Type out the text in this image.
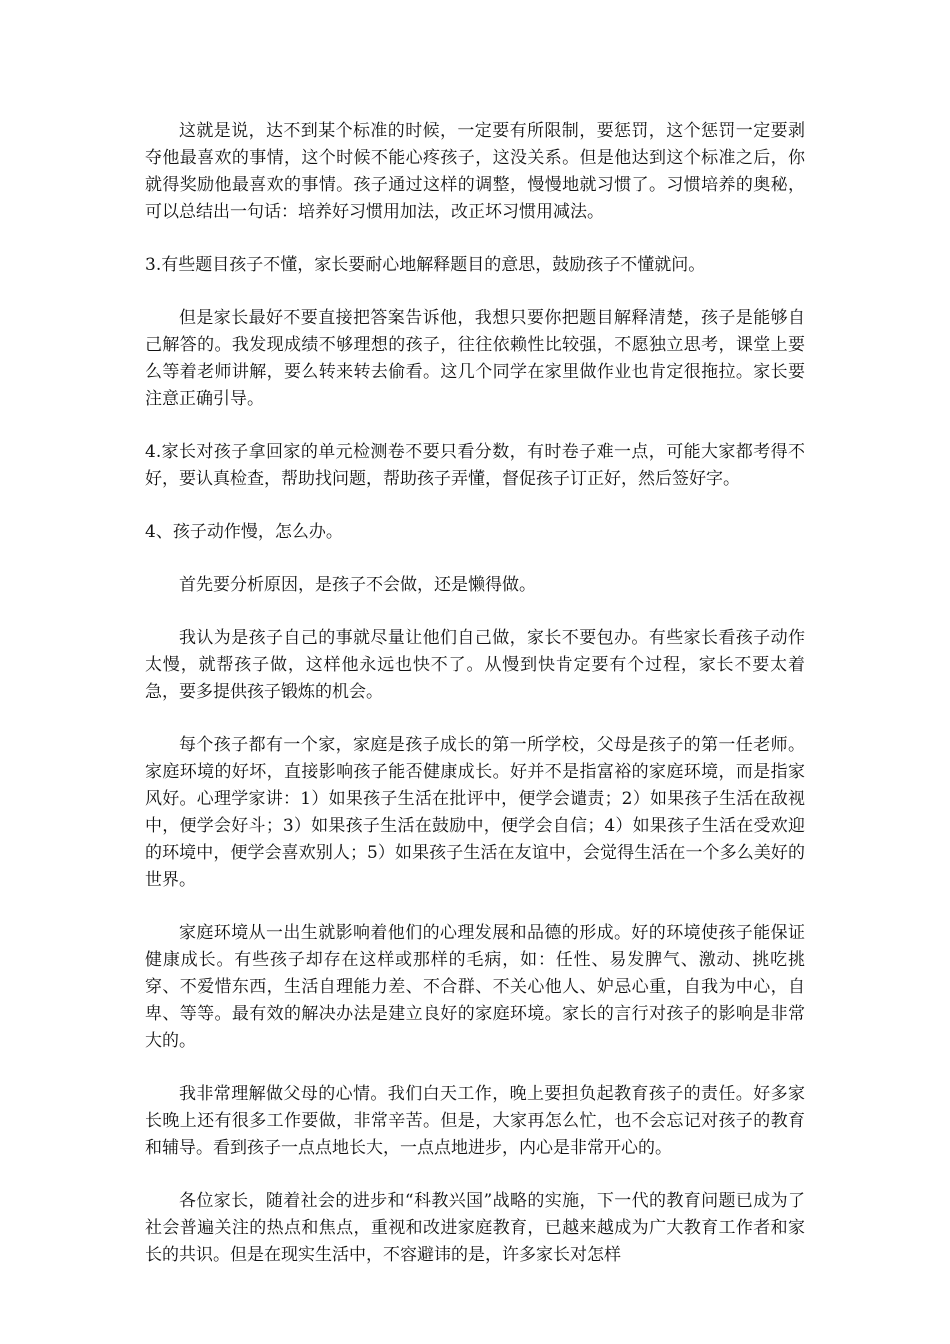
这就是说，达不到某个标准的时候，一定要有所限制，要惩罚，这个惩罚一定要剥夺他最喜欢的事情，这个时候不能心疼孩子，这没关系。但是他达到这个标准之后，你就得奖励他最喜欢的事情。孩子通过这样的调整，慢慢地就习惯了。习惯培养的奥秘，可以总结出一句话：培养好习惯用加法，改正坏习惯用减法。

3.有些题目孩子不懂，家长要耐心地解释题目的意思，鼓励孩子不懂就问。

但是家长最好不要直接把答案告诉他，我想只要你把题目解释清楚，孩子是能够自己解答的。我发现成绩不够理想的孩子，往往依赖性比较强，不愿独立思考，课堂上要么等着老师讲解，要么转来转去偷看。这几个同学在家里做作业也肯定很拖拉。家长要注意正确引导。

4.家长对孩子拿回家的单元检测卷不要只看分数，有时卷子难一点，可能大家都考得不好，要认真检查，帮助找问题，帮助孩子弄懂，督促孩子订正好，然后签好字。

4、孩子动作慢，怎么办。

首先要分析原因，是孩子不会做，还是懒得做。

我认为是孩子自己的事就尽量让他们自己做，家长不要包办。有些家长看孩子动作太慢，就帮孩子做，这样他永远也快不了。从慢到快肯定要有个过程，家长不要太着急，要多提供孩子锻炼的机会。

每个孩子都有一个家，家庭是孩子成长的第一所学校，父母是孩子的第一任老师。家庭环境的好坏，直接影响孩子能否健康成长。好并不是指富裕的家庭环境，而是指家风好。心理学家讲：1）如果孩子生活在批评中，便学会谴责；2）如果孩子生活在敌视中，便学会好斗；3）如果孩子生活在鼓励中，便学会自信；4）如果孩子生活在受欢迎的环境中，便学会喜欢别人；5）如果孩子生活在友谊中，会觉得生活在一个多么美好的世界。

家庭环境从一出生就影响着他们的心理发展和品德的形成。好的环境使孩子能保证健康成长。有些孩子却存在这样或那样的毛病，如：任性、易发脾气、激动、挑吃挑穿、不爱惜东西，生活自理能力差、不合群、不关心他人、妒忌心重，自我为中心，自卑、等等。最有效的解决办法是建立良好的家庭环境。家长的言行对孩子的影响是非常大的。

我非常理解做父母的心情。我们白天工作，晚上要担负起教育孩子的责任。好多家长晚上还有很多工作要做，非常辛苦。但是，大家再怎么忙，也不会忘记对孩子的教育和辅导。看到孩子一点点地长大，一点点地进步，内心是非常开心的。

各位家长，随着社会的进步和“科教兴国”战略的实施，下一代的教育问题已成为了社会普遍关注的热点和焦点，重视和改进家庭教育，已越来越成为广大教育工作者和家长的共识。但是在现实生活中，不容避讳的是，许多家长对怎样
